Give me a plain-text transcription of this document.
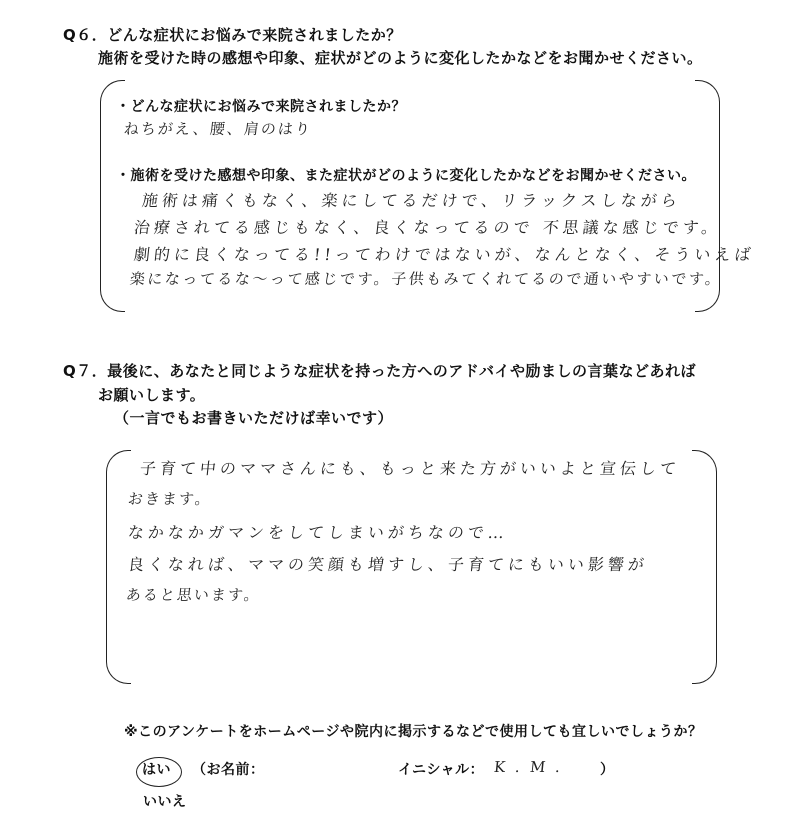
Q６．どんな症状にお悩みで来院されましたか？
施術を受けた時の感想や印象、症状がどのように変化したかなどをお聞かせください。
・どんな症状にお悩みで来院されましたか？
ねちがえ、腰、肩のはり
・施術を受けた感想や印象、また症状がどのように変化したかなどをお聞かせください。
施術は痛くもなく、楽にしてるだけで、リラックスしながら
治療されてる感じもなく、良くなってるので 不思議な感じです。
劇的に良くなってる!!ってわけではないが、なんとなく、そういえば
楽になってるな〜って感じです。子供もみてくれてるので通いやすいです。
Q７．最後に、あなたと同じような症状を持った方へのアドバイや励ましの言葉などあれば
お願いします。
（一言でもお書きいただけば幸いです）
子育て中のママさんにも、もっと来た方がいいよと宣伝して
おきます。
なかなかガマンをしてしまいがちなので…
良くなれば、ママの笑顔も増すし、子育てにもいい影響が
あると思います。
※このアンケートをホームページや院内に掲示するなどで使用しても宜しいでしょうか？
はい （お名前：	イニシャル： K.M. ）
いいえ
